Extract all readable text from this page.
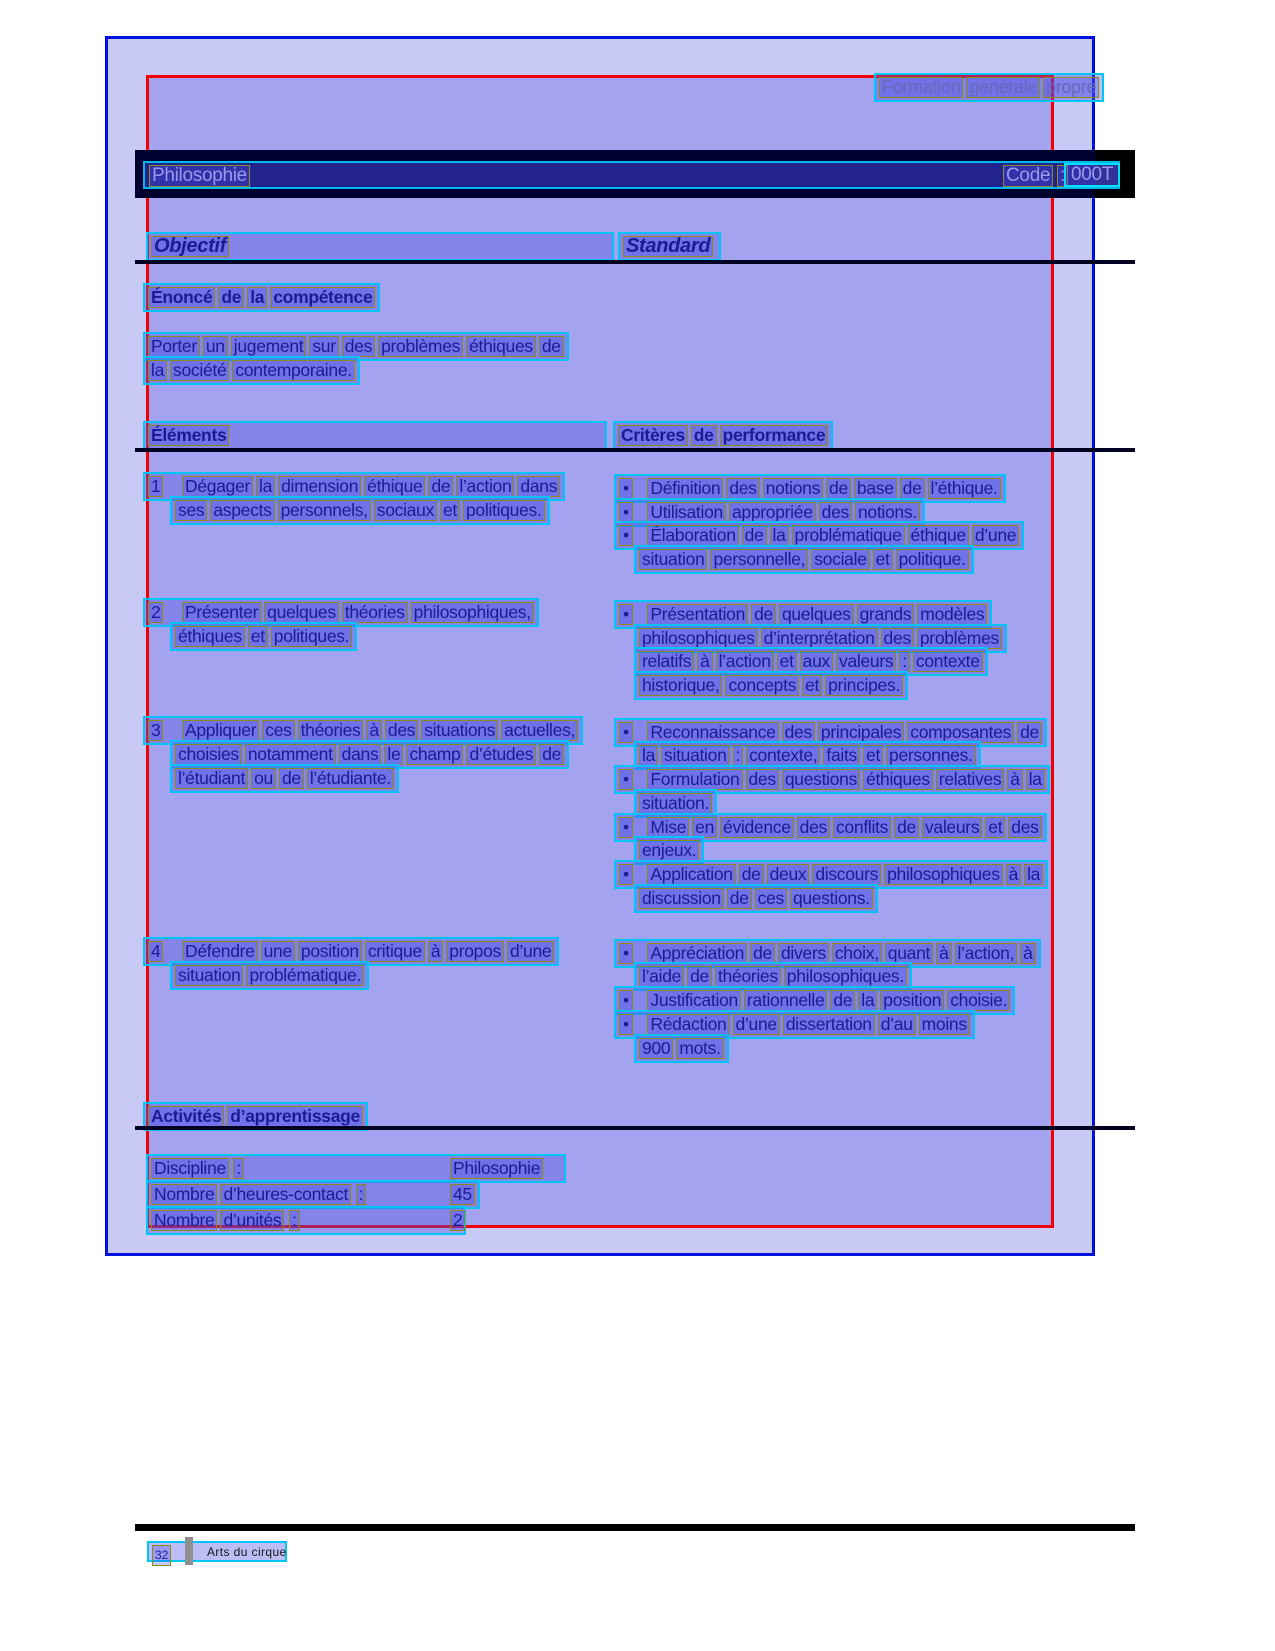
Formation générale propre
Philosophie	Code : 000T
Objectif	Standard
Énoncé de la compétence
Porter un jugement sur des problèmes éthiques de
la société contemporaine.
Éléments	Critères de performance
1 Dégager la dimension éthique de l’action dans
ses aspects personnels, sociaux et politiques.
• Définition des notions de base de l’éthique.
• Utilisation appropriée des notions.
• Élaboration de la problématique éthique d’une
situation personnelle, sociale et politique.
2 Présenter quelques théories philosophiques,
éthiques et politiques.
• Présentation de quelques grands modèles
philosophiques d’interprétation des problèmes
relatifs à l’action et aux valeurs : contexte
historique, concepts et principes.
3 Appliquer ces théories à des situations actuelles,
choisies notamment dans le champ d’études de
l’étudiant ou de l’étudiante.
• Reconnaissance des principales composantes de
la situation : contexte, faits et personnes.
• Formulation des questions éthiques relatives à la
situation.
• Mise en évidence des conflits de valeurs et des
enjeux.
• Application de deux discours philosophiques à la
discussion de ces questions.
4 Défendre une position critique à propos d’une
situation problématique.
• Appréciation de divers choix, quant à l’action, à
l’aide de théories philosophiques.
• Justification rationnelle de la position choisie.
• Rédaction d’une dissertation d’au moins
900 mots.
Activités d’apprentissage
Discipline :	Philosophie
Nombre d’heures-contact :	45
Nombre d’unités :	2
32	Arts du cirque
